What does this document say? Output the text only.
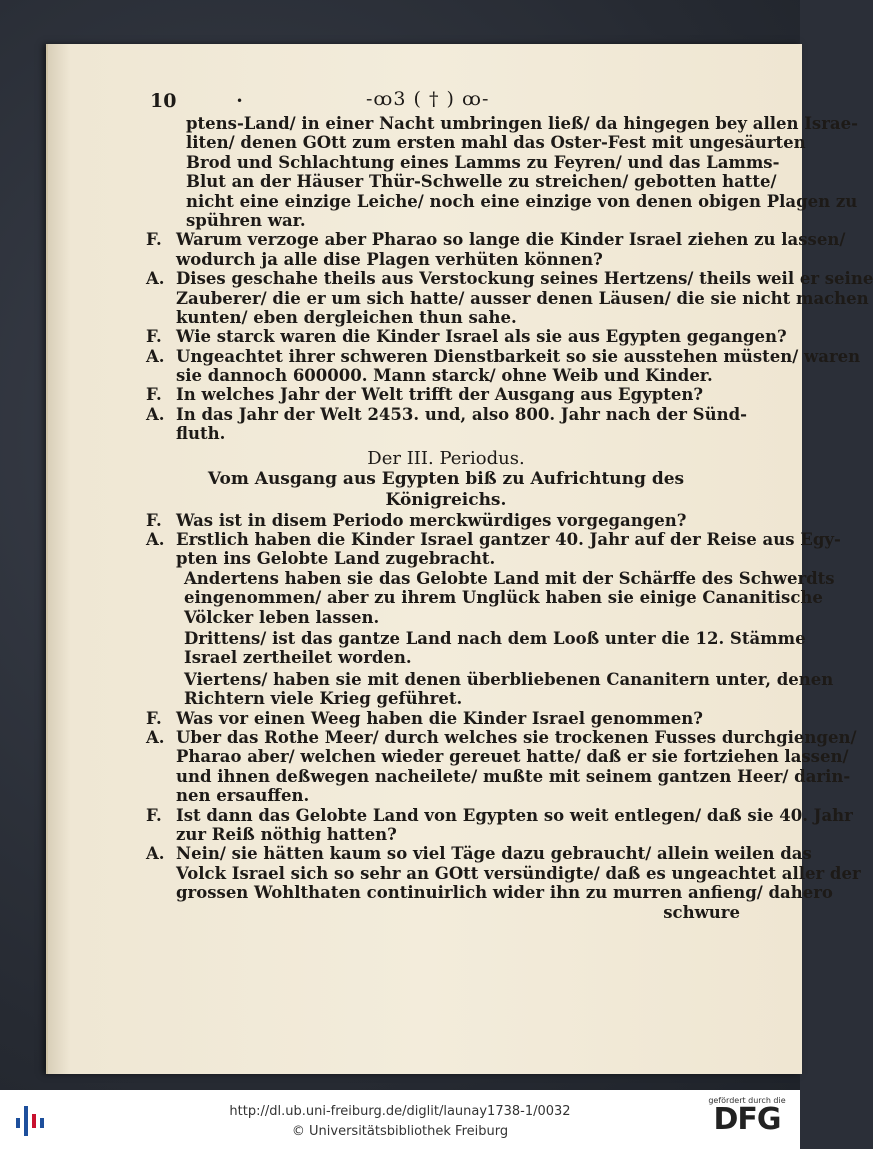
10	•	-ꝏ3 ( † ) ꝏ-
ptens-Land/ in einer Nacht umbringen ließ/ da hingegen bey allen Israe-
liten/ denen GOtt zum ersten mahl das Oster-Fest mit ungesäurten
Brod und Schlachtung eines Lamms zu Feyren/ und das Lamms-
Blut an der Häuser Thür-Schwelle zu streichen/ gebotten hatte/
nicht eine einzige Leiche/ noch eine einzige von denen obigen Plagen zu
spühren war.
F. Warum verzoge aber Pharao so lange die Kinder Israel ziehen zu lassen/
wodurch ja alle dise Plagen verhüten können?
A. Dises geschahe theils aus Verstockung seines Hertzens/ theils weil er seine
Zauberer/ die er um sich hatte/ ausser denen Läusen/ die sie nicht machen
kunten/ eben dergleichen thun sahe.
F. Wie starck waren die Kinder Israel als sie aus Egypten gegangen?
A. Ungeachtet ihrer schweren Dienstbarkeit so sie ausstehen müsten/ waren
sie dannoch 600000. Mann starck/ ohne Weib und Kinder.
F. In welches Jahr der Welt trifft der Ausgang aus Egypten?
A. In das Jahr der Welt 2453. und, also 800. Jahr nach der Sünd-
fluth.
Der III. Periodus.
Vom Ausgang aus Egypten biß zu Aufrichtung des
Königreichs.
F. Was ist in disem Periodo merckwürdiges vorgegangen?
A. Erstlich haben die Kinder Israel gantzer 40. Jahr auf der Reise aus Egy-
pten ins Gelobte Land zugebracht.
Andertens haben sie das Gelobte Land mit der Schärffe des Schwerdts
eingenommen/ aber zu ihrem Unglück haben sie einige Cananitische
Völcker leben lassen.
Drittens/ ist das gantze Land nach dem Looß unter die 12. Stämme
Israel zertheilet worden.
Viertens/ haben sie mit denen überbliebenen Cananitern unter, denen
Richtern viele Krieg geführet.
F. Was vor einen Weeg haben die Kinder Israel genommen?
A. Uber das Rothe Meer/ durch welches sie trockenen Fusses durchgiengen/
Pharao aber/ welchen wieder gereuet hatte/ daß er sie fortziehen lassen/
und ihnen deßwegen nacheilete/ mußte mit seinem gantzen Heer/ darin-
nen ersauffen.
F. Ist dann das Gelobte Land von Egypten so weit entlegen/ daß sie 40. Jahr
zur Reiß nöthig hatten?
A. Nein/ sie hätten kaum so viel Täge dazu gebraucht/ allein weilen das
Volck Israel sich so sehr an GOtt versündigte/ daß es ungeachtet aller der
grossen Wohlthaten continuirlich wider ihn zu murren anfieng/ dahero
schwure
http://dl.ub.uni-freiburg.de/diglit/launay1738-1/0032
© Universitätsbibliothek Freiburg
gefördert durch die
DFG
